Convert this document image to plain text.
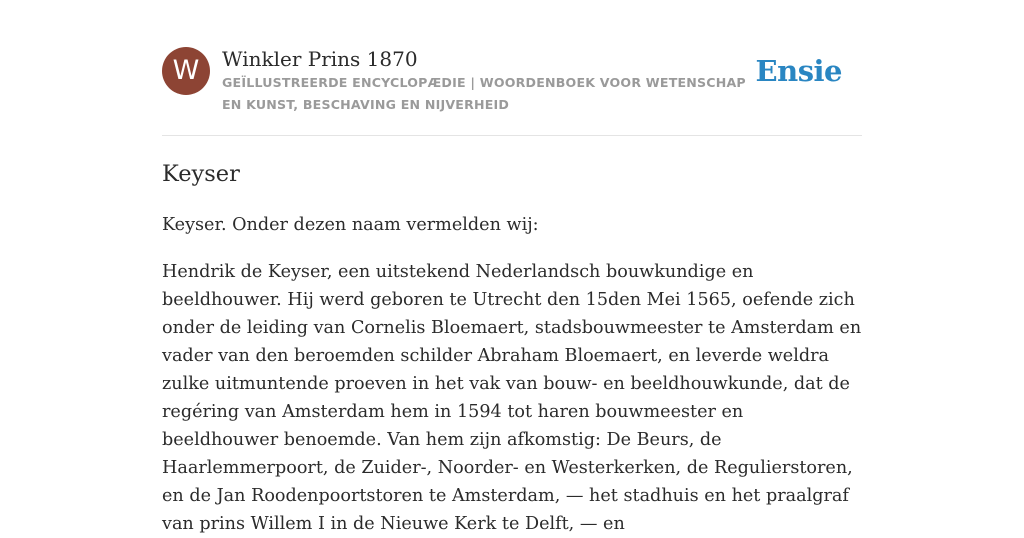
W	Winkler Prins 1870

GEÏLLUSTREERDE ENCYCLOPÆDIE | WOORDENBOEK VOOR WETENSCHAP EN KUNST, BESCHAVING EN NIJVERHEID

Ensie
Keyser

Keyser. Onder dezen naam vermelden wij:

Hendrik de Keyser, een uitstekend Nederlandsch bouwkundige en beeldhouwer. Hij werd geboren te Utrecht den 15den Mei 1565, oefende zich onder de leiding van Cornelis Bloemaert, stadsbouwmeester te Amsterdam en vader van den beroemden schilder Abraham Bloemaert, en leverde weldra zulke uitmuntende proeven in het vak van bouw- en beeldhouwkunde, dat de regéring van Amsterdam hem in 1594 tot haren bouwmeester en beeldhouwer benoemde. Van hem zijn afkomstig: De Beurs, de Haarlemmerpoort, de Zuider-, Noorder- en Westerkerken, de Regulierstoren, en de Jan Roodenpoortstoren te Amsterdam, — het stadhuis en het praalgraf van prins Willem I in de Nieuwe Kerk te Delft, — en
